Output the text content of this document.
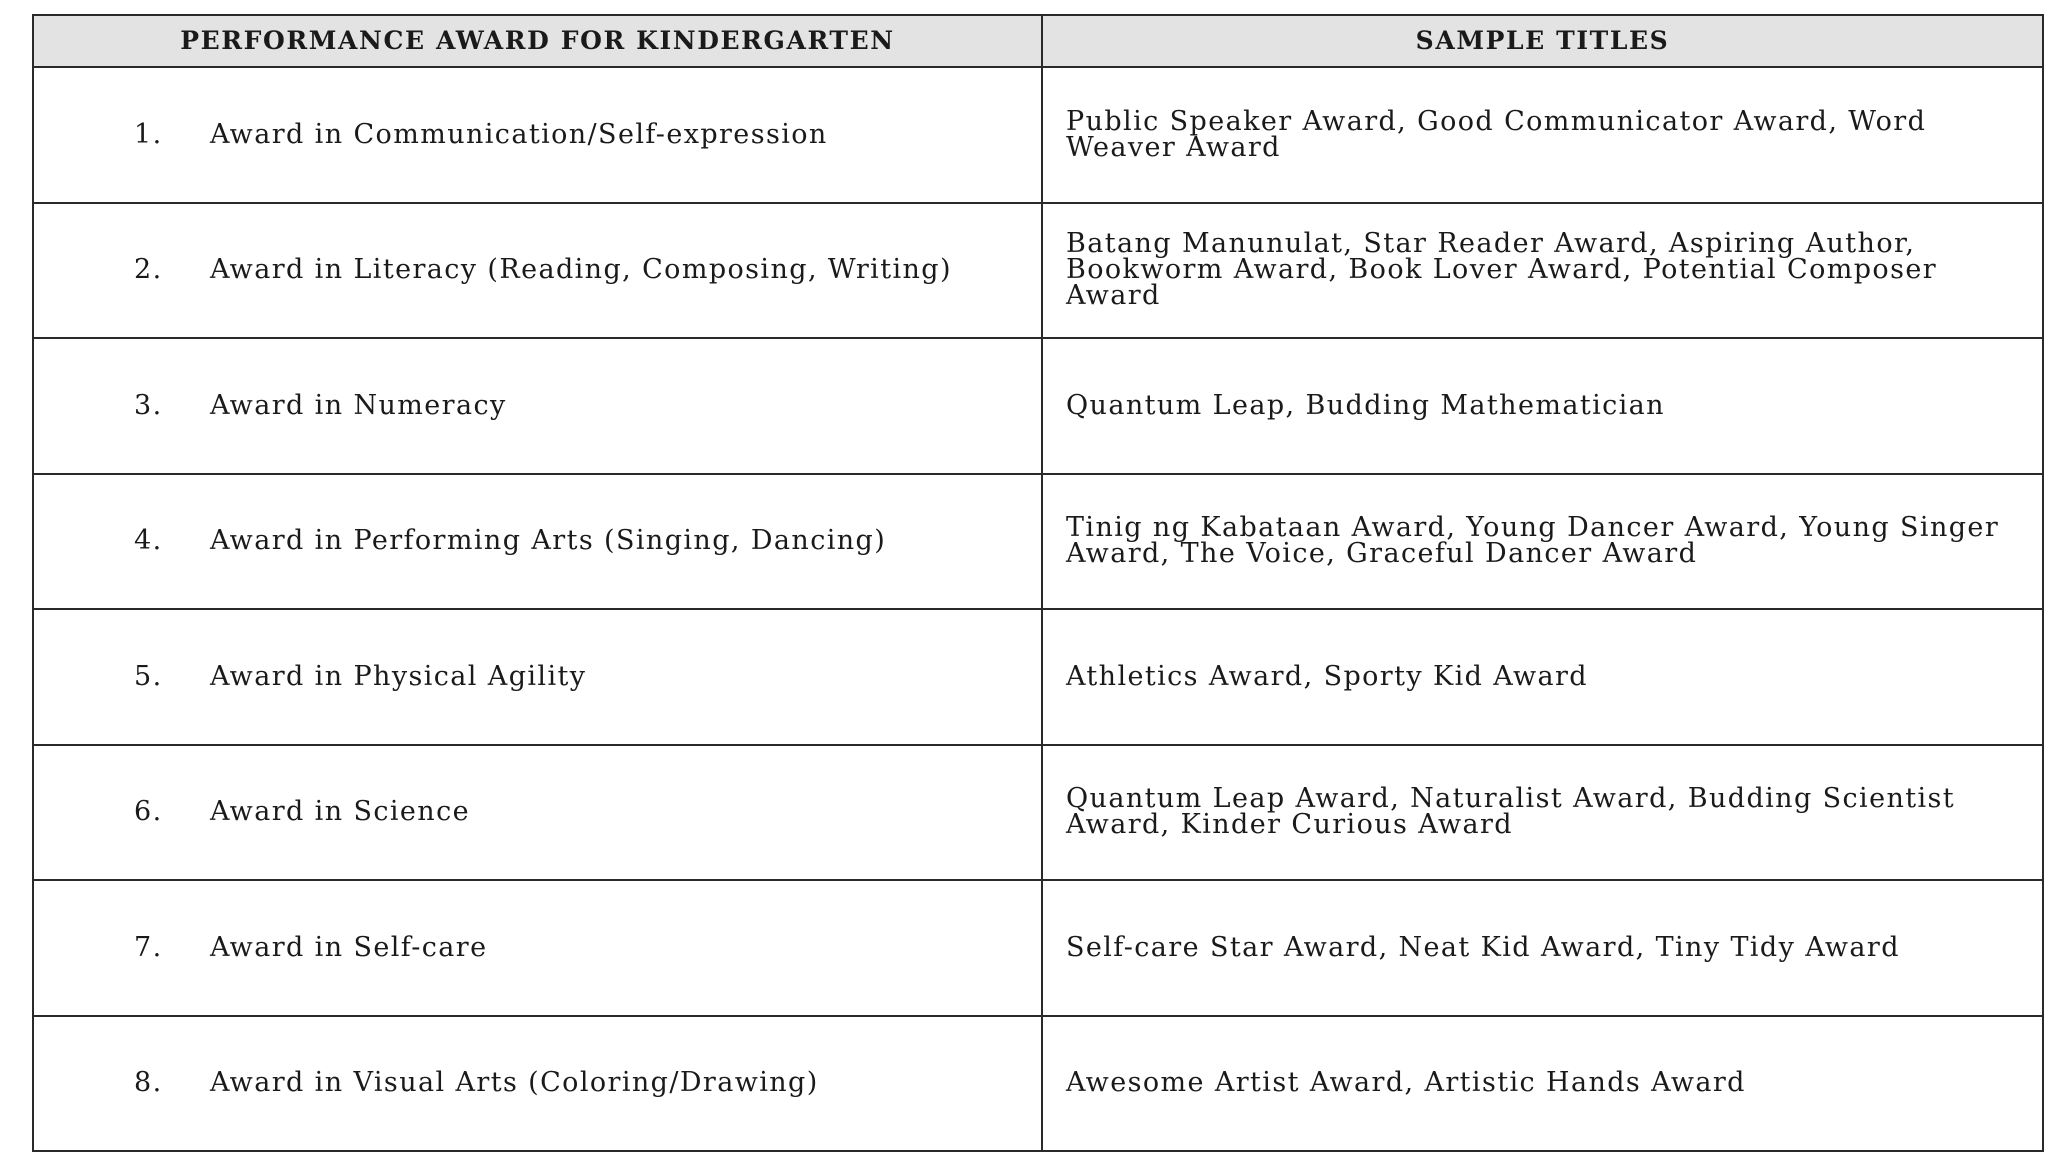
PERFORMANCE AWARD FOR KINDERGARTEN	SAMPLE TITLES

1. Award in Communication/Self-expression	Public Speaker Award, Good Communicator Award, Word Weaver Award

2. Award in Literacy (Reading, Composing, Writing)	Batang Manunulat, Star Reader Award, Aspiring Author, Bookworm Award, Book Lover Award, Potential Composer Award

3. Award in Numeracy	Quantum Leap, Budding Mathematician

4. Award in Performing Arts (Singing, Dancing)	Tinig ng Kabataan Award, Young Dancer Award, Young Singer Award, The Voice, Graceful Dancer Award

5. Award in Physical Agility	Athletics Award, Sporty Kid Award

6. Award in Science	Quantum Leap Award, Naturalist Award, Budding Scientist Award, Kinder Curious Award

7. Award in Self-care	Self-care Star Award, Neat Kid Award, Tiny Tidy Award

8. Award in Visual Arts (Coloring/Drawing)	Awesome Artist Award, Artistic Hands Award
